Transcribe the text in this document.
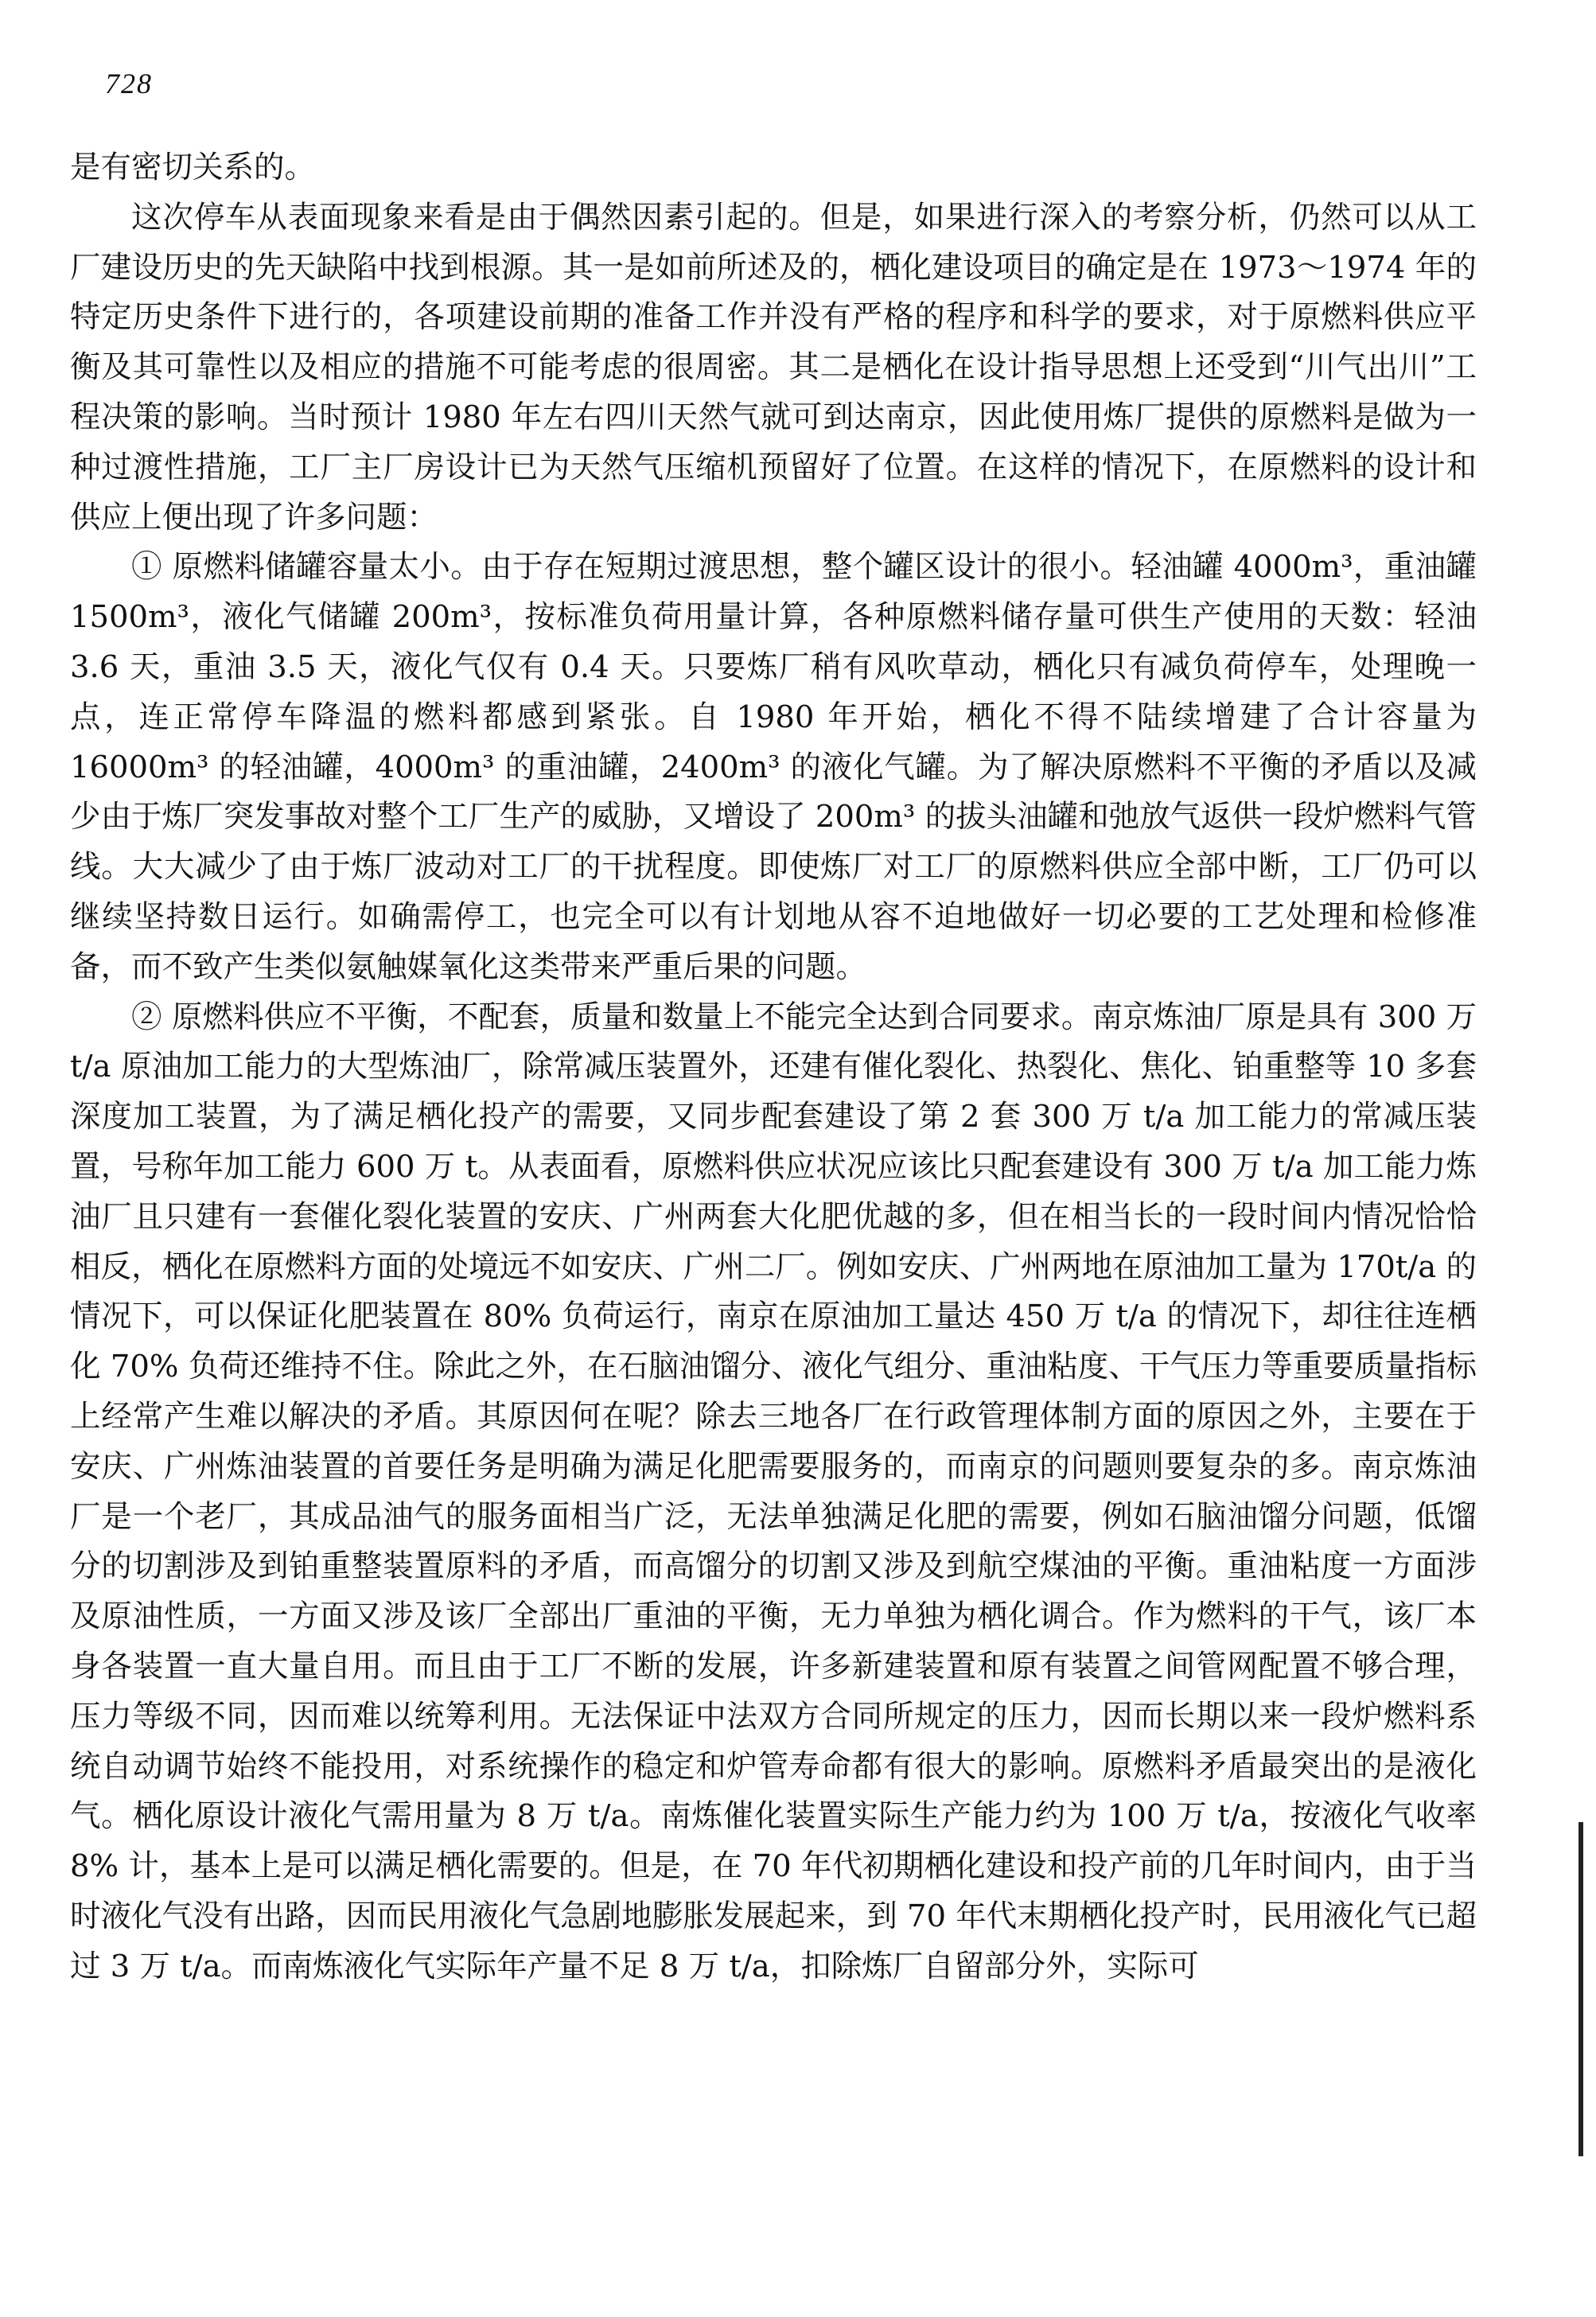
728

是有密切关系的。

这次停车从表面现象来看是由于偶然因素引起的。但是，如果进行深入的考察分析，仍然可以从工厂建设历史的先天缺陷中找到根源。其一是如前所述及的，栖化建设项目的确定是在 1973～1974 年的特定历史条件下进行的，各项建设前期的准备工作并没有严格的程序和科学的要求，对于原燃料供应平衡及其可靠性以及相应的措施不可能考虑的很周密。其二是栖化在设计指导思想上还受到“川气出川”工程决策的影响。当时预计 1980 年左右四川天然气就可到达南京，因此使用炼厂提供的原燃料是做为一种过渡性措施，工厂主厂房设计已为天然气压缩机预留好了位置。在这样的情况下，在原燃料的设计和供应上便出现了许多问题：

① 原燃料储罐容量太小。由于存在短期过渡思想，整个罐区设计的很小。轻油罐 4000m³，重油罐 1500m³，液化气储罐 200m³，按标准负荷用量计算，各种原燃料储存量可供生产使用的天数：轻油 3.6 天，重油 3.5 天，液化气仅有 0.4 天。只要炼厂稍有风吹草动，栖化只有减负荷停车，处理晚一点，连正常停车降温的燃料都感到紧张。自 1980 年开始，栖化不得不陆续增建了合计容量为 16000m³ 的轻油罐，4000m³ 的重油罐，2400m³ 的液化气罐。为了解决原燃料不平衡的矛盾以及减少由于炼厂突发事故对整个工厂生产的威胁，又增设了 200m³ 的拔头油罐和弛放气返供一段炉燃料气管线。大大减少了由于炼厂波动对工厂的干扰程度。即使炼厂对工厂的原燃料供应全部中断，工厂仍可以继续坚持数日运行。如确需停工，也完全可以有计划地从容不迫地做好一切必要的工艺处理和检修准备，而不致产生类似氨触媒氧化这类带来严重后果的问题。

② 原燃料供应不平衡，不配套，质量和数量上不能完全达到合同要求。南京炼油厂原是具有 300 万 t/a 原油加工能力的大型炼油厂，除常减压装置外，还建有催化裂化、热裂化、焦化、铂重整等 10 多套深度加工装置，为了满足栖化投产的需要，又同步配套建设了第 2 套 300 万 t/a 加工能力的常减压装置，号称年加工能力 600 万 t。从表面看，原燃料供应状况应该比只配套建设有 300 万 t/a 加工能力炼油厂且只建有一套催化裂化装置的安庆、广州两套大化肥优越的多，但在相当长的一段时间内情况恰恰相反，栖化在原燃料方面的处境远不如安庆、广州二厂。例如安庆、广州两地在原油加工量为 170t/a 的情况下，可以保证化肥装置在 80% 负荷运行，南京在原油加工量达 450 万 t/a 的情况下，却往往连栖化 70% 负荷还维持不住。除此之外，在石脑油馏分、液化气组分、重油粘度、干气压力等重要质量指标上经常产生难以解决的矛盾。其原因何在呢？除去三地各厂在行政管理体制方面的原因之外，主要在于安庆、广州炼油装置的首要任务是明确为满足化肥需要服务的，而南京的问题则要复杂的多。南京炼油厂是一个老厂，其成品油气的服务面相当广泛，无法单独满足化肥的需要，例如石脑油馏分问题，低馏分的切割涉及到铂重整装置原料的矛盾，而高馏分的切割又涉及到航空煤油的平衡。重油粘度一方面涉及原油性质，一方面又涉及该厂全部出厂重油的平衡，无力单独为栖化调合。作为燃料的干气，该厂本身各装置一直大量自用。而且由于工厂不断的发展，许多新建装置和原有装置之间管网配置不够合理，压力等级不同，因而难以统筹利用。无法保证中法双方合同所规定的压力，因而长期以来一段炉燃料系统自动调节始终不能投用，对系统操作的稳定和炉管寿命都有很大的影响。原燃料矛盾最突出的是液化气。栖化原设计液化气需用量为 8 万 t/a。南炼催化装置实际生产能力约为 100 万 t/a，按液化气收率 8% 计，基本上是可以满足栖化需要的。但是，在 70 年代初期栖化建设和投产前的几年时间内，由于当时液化气没有出路，因而民用液化气急剧地膨胀发展起来，到 70 年代末期栖化投产时，民用液化气已超过 3 万 t/a。而南炼液化气实际年产量不足 8 万 t/a，扣除炼厂自留部分外，实际可
